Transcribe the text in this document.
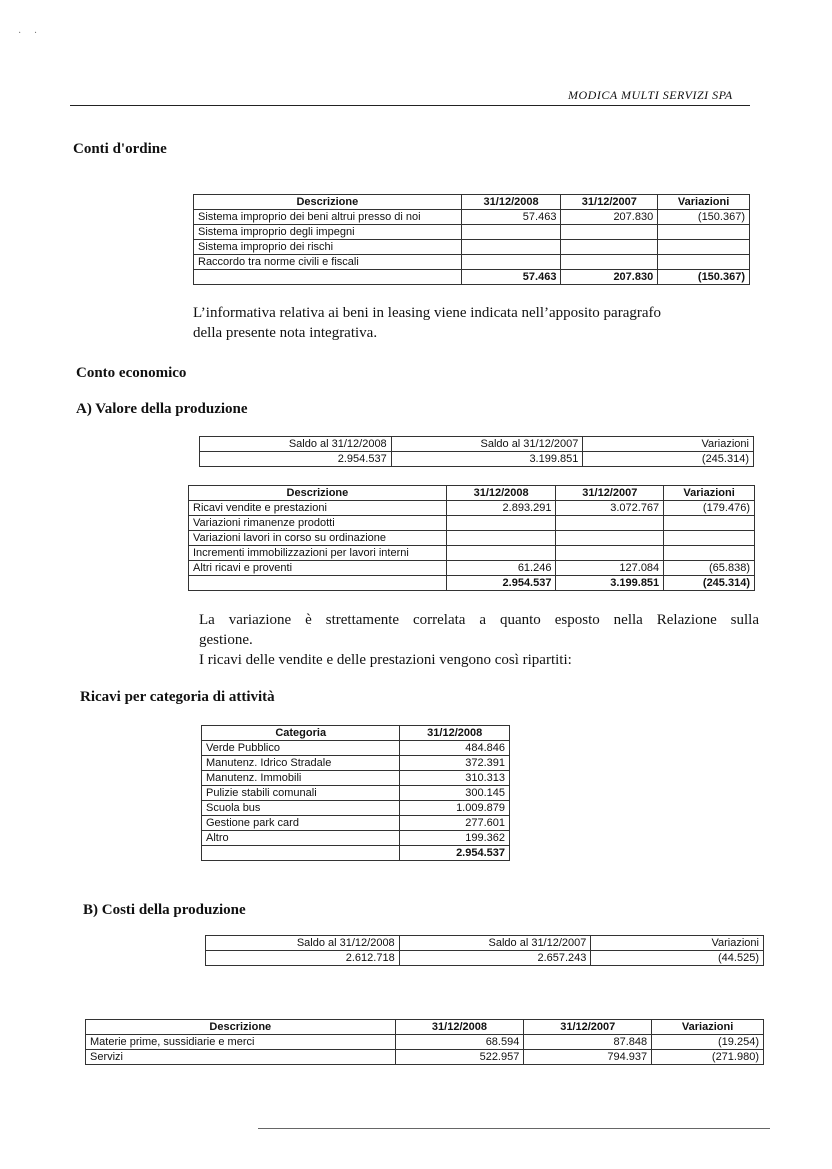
·     ·
MODICA MULTI SERVIZI SPA
Conti d'ordine
Descrizione	31/12/2008	31/12/2007	Variazioni
Sistema improprio dei beni altrui presso di noi	57.463	207.830	(150.367)
Sistema improprio degli impegni			
Sistema improprio dei rischi			
Raccordo tra norme civili e fiscali			
	57.463	207.830	(150.367)
L’informativa relativa ai beni in leasing viene indicata nell’apposito paragrafo
della presente nota integrativa.
Conto economico
A) Valore della produzione
Saldo al 31/12/2008	Saldo al 31/12/2007	Variazioni
2.954.537	3.199.851	(245.314)
Descrizione	31/12/2008	31/12/2007	Variazioni
Ricavi vendite e prestazioni	2.893.291	3.072.767	(179.476)
Variazioni rimanenze prodotti			
Variazioni lavori in corso su ordinazione			
Incrementi immobilizzazioni per lavori interni			
Altri ricavi e proventi	61.246	127.084	(65.838)
	2.954.537	3.199.851	(245.314)
La variazione è strettamente correlata a quanto esposto nella Relazione sulla
gestione.
I ricavi delle vendite e delle prestazioni vengono così ripartiti:
Ricavi per categoria di attività
Categoria	31/12/2008
Verde Pubblico	484.846
Manutenz. Idrico Stradale	372.391
Manutenz. Immobili	310.313
Pulizie stabili comunali	300.145
Scuola bus	1.009.879
Gestione park card	277.601
Altro	199.362
	2.954.537
B) Costi della produzione
Saldo al 31/12/2008	Saldo al 31/12/2007	Variazioni
2.612.718	2.657.243	(44.525)
Descrizione	31/12/2008	31/12/2007	Variazioni
Materie prime, sussidiarie e merci	68.594	87.848	(19.254)
Servizi	522.957	794.937	(271.980)
